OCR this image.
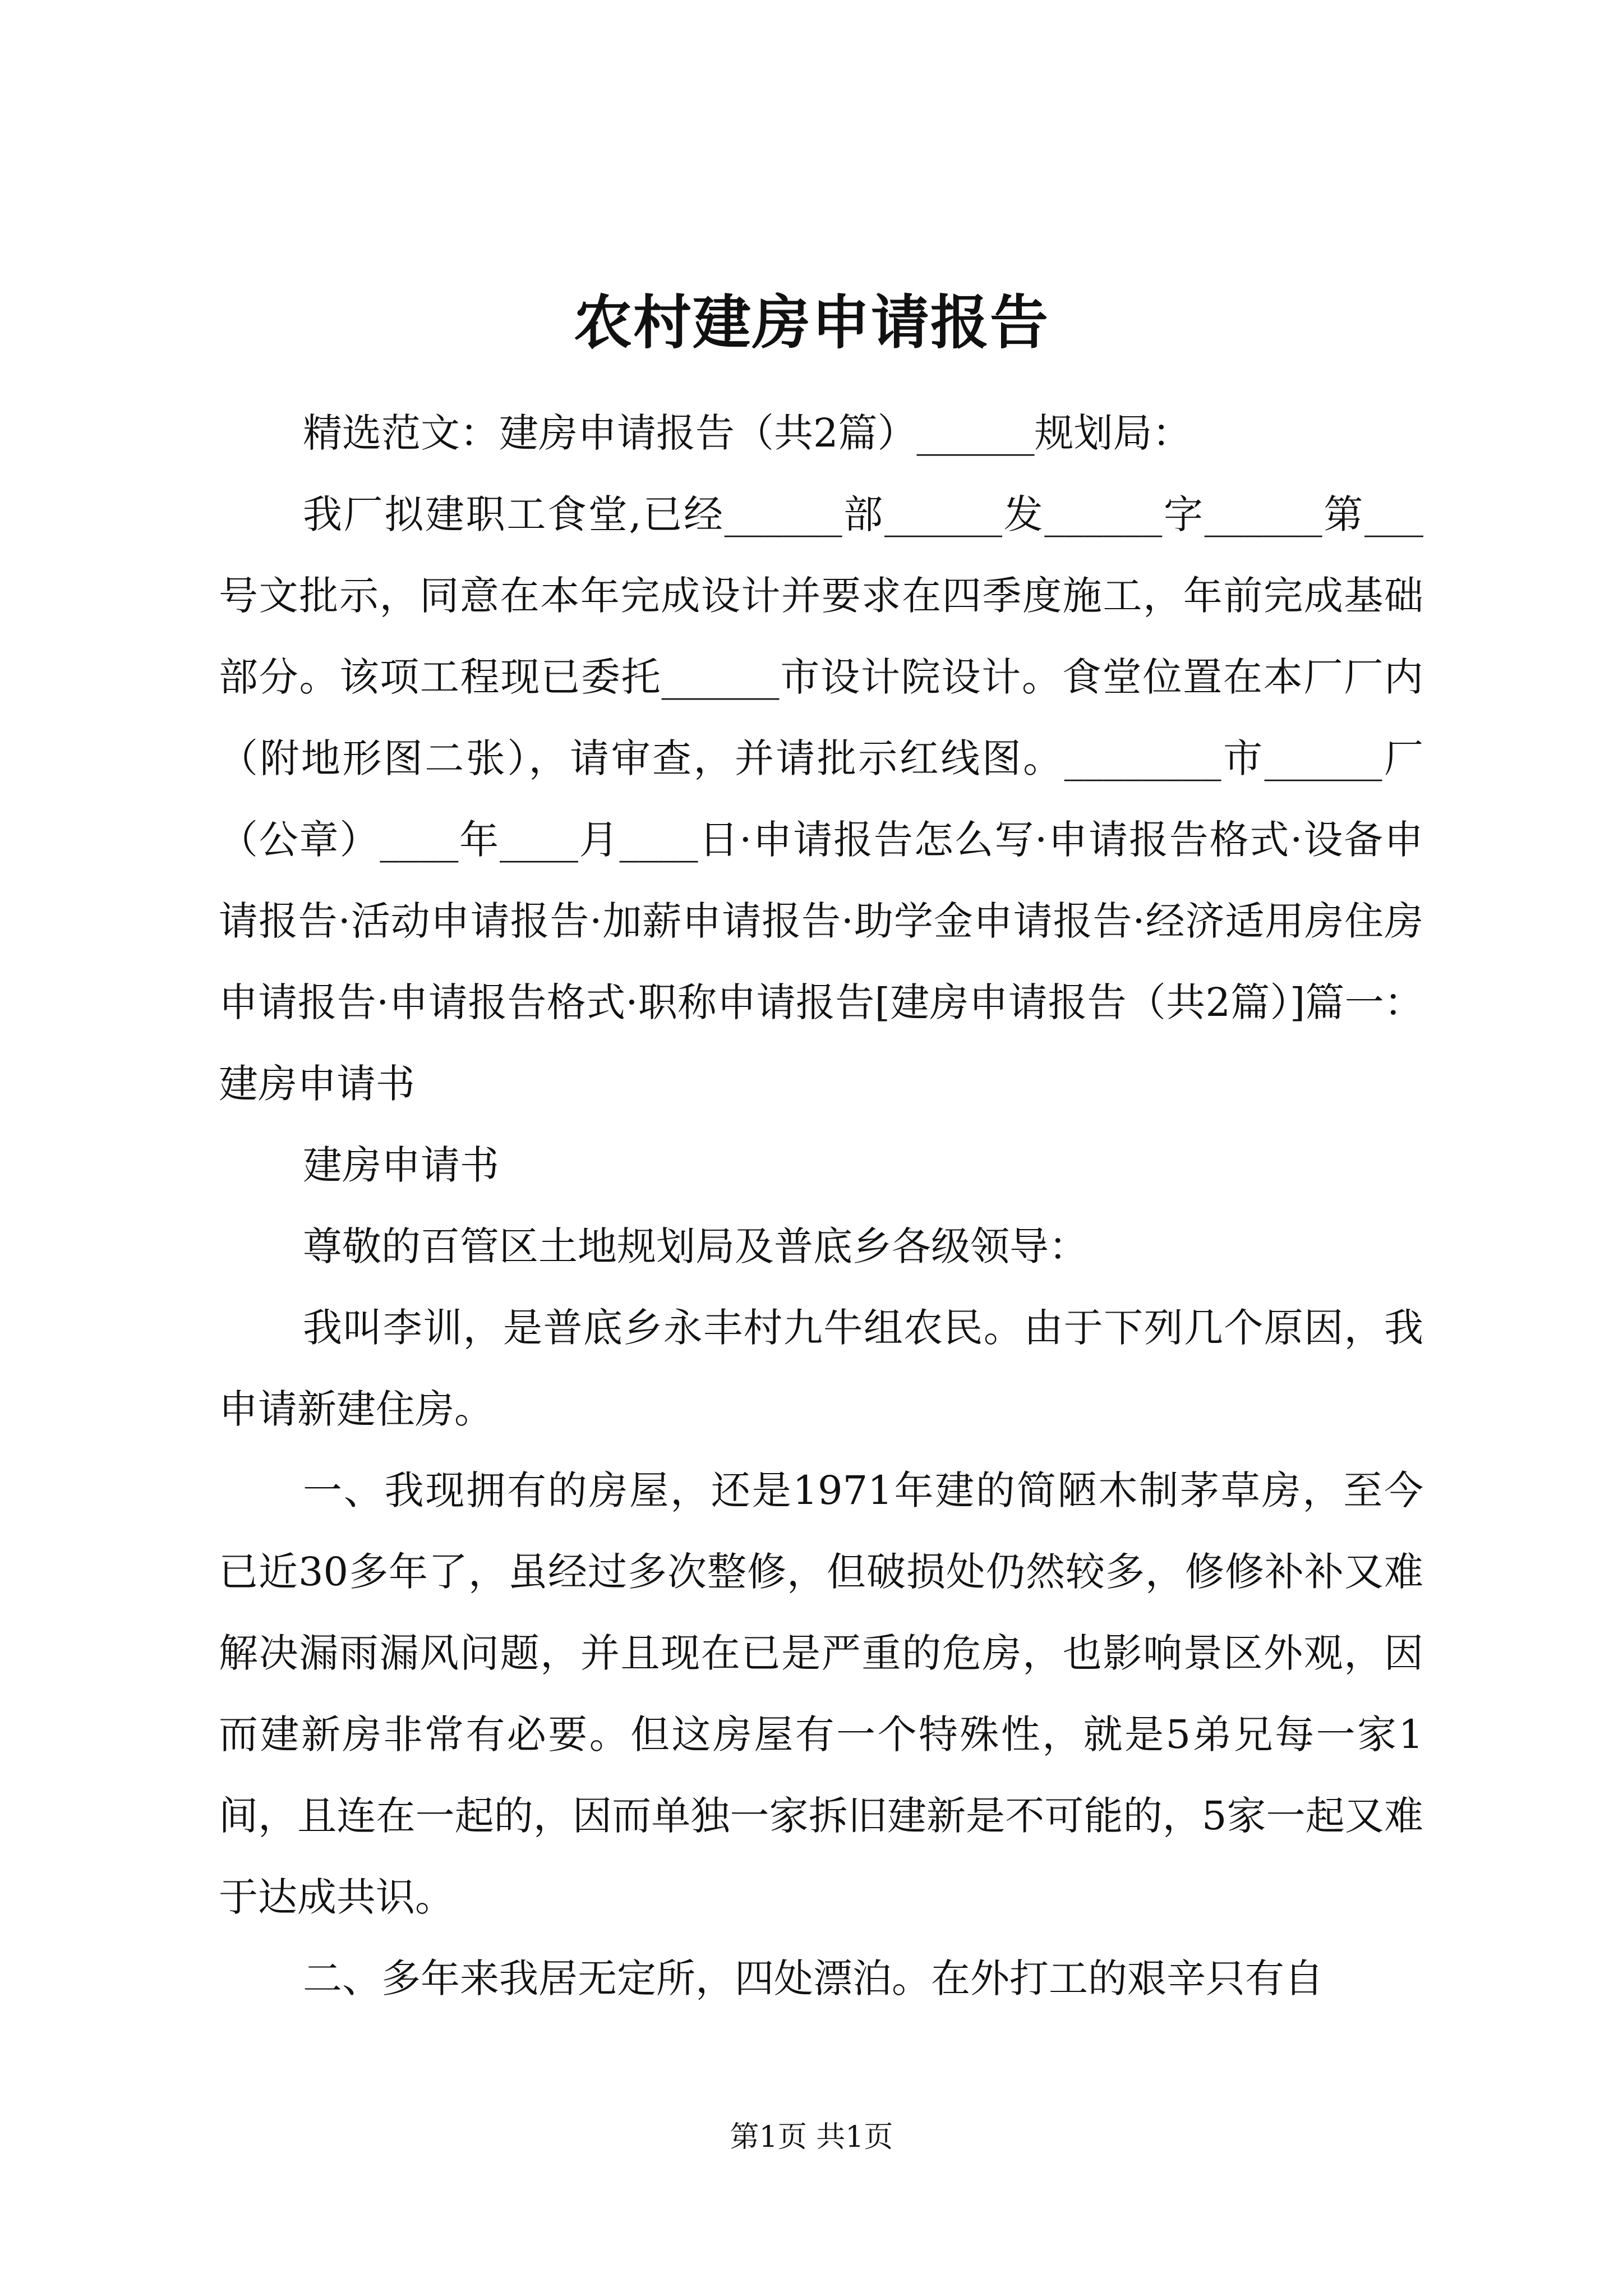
农村建房申请报告

精选范文：建房申请报告（共2篇）______规划局：

我厂拟建职工食堂,已经______部______发______字______第___号文批示，同意在本年完成设计并要求在四季度施工，年前完成基础部分。该项工程现已委托______市设计院设计。食堂位置在本厂厂内（附地形图二张），请审查，并请批示红线图。________市______厂（公章）____年____月____日·申请报告怎么写·申请报告格式·设备申请报告·活动申请报告·加薪申请报告·助学金申请报告·经济适用房住房申请报告·申请报告格式·职称申请报告[建房申请报告（共2篇）]篇一：建房申请书

建房申请书

尊敬的百管区土地规划局及普底乡各级领导：

我叫李训，是普底乡永丰村九牛组农民。由于下列几个原因，我申请新建住房。

一、我现拥有的房屋，还是1971年建的简陋木制茅草房，至今已近30多年了，虽经过多次整修，但破损处仍然较多，修修补补又难解决漏雨漏风问题，并且现在已是严重的危房，也影响景区外观，因而建新房非常有必要。但这房屋有一个特殊性，就是5弟兄每一家1间，且连在一起的，因而单独一家拆旧建新是不可能的，5家一起又难于达成共识。

二、多年来我居无定所，四处漂泊。在外打工的艰辛只有自

第1页 共1页
